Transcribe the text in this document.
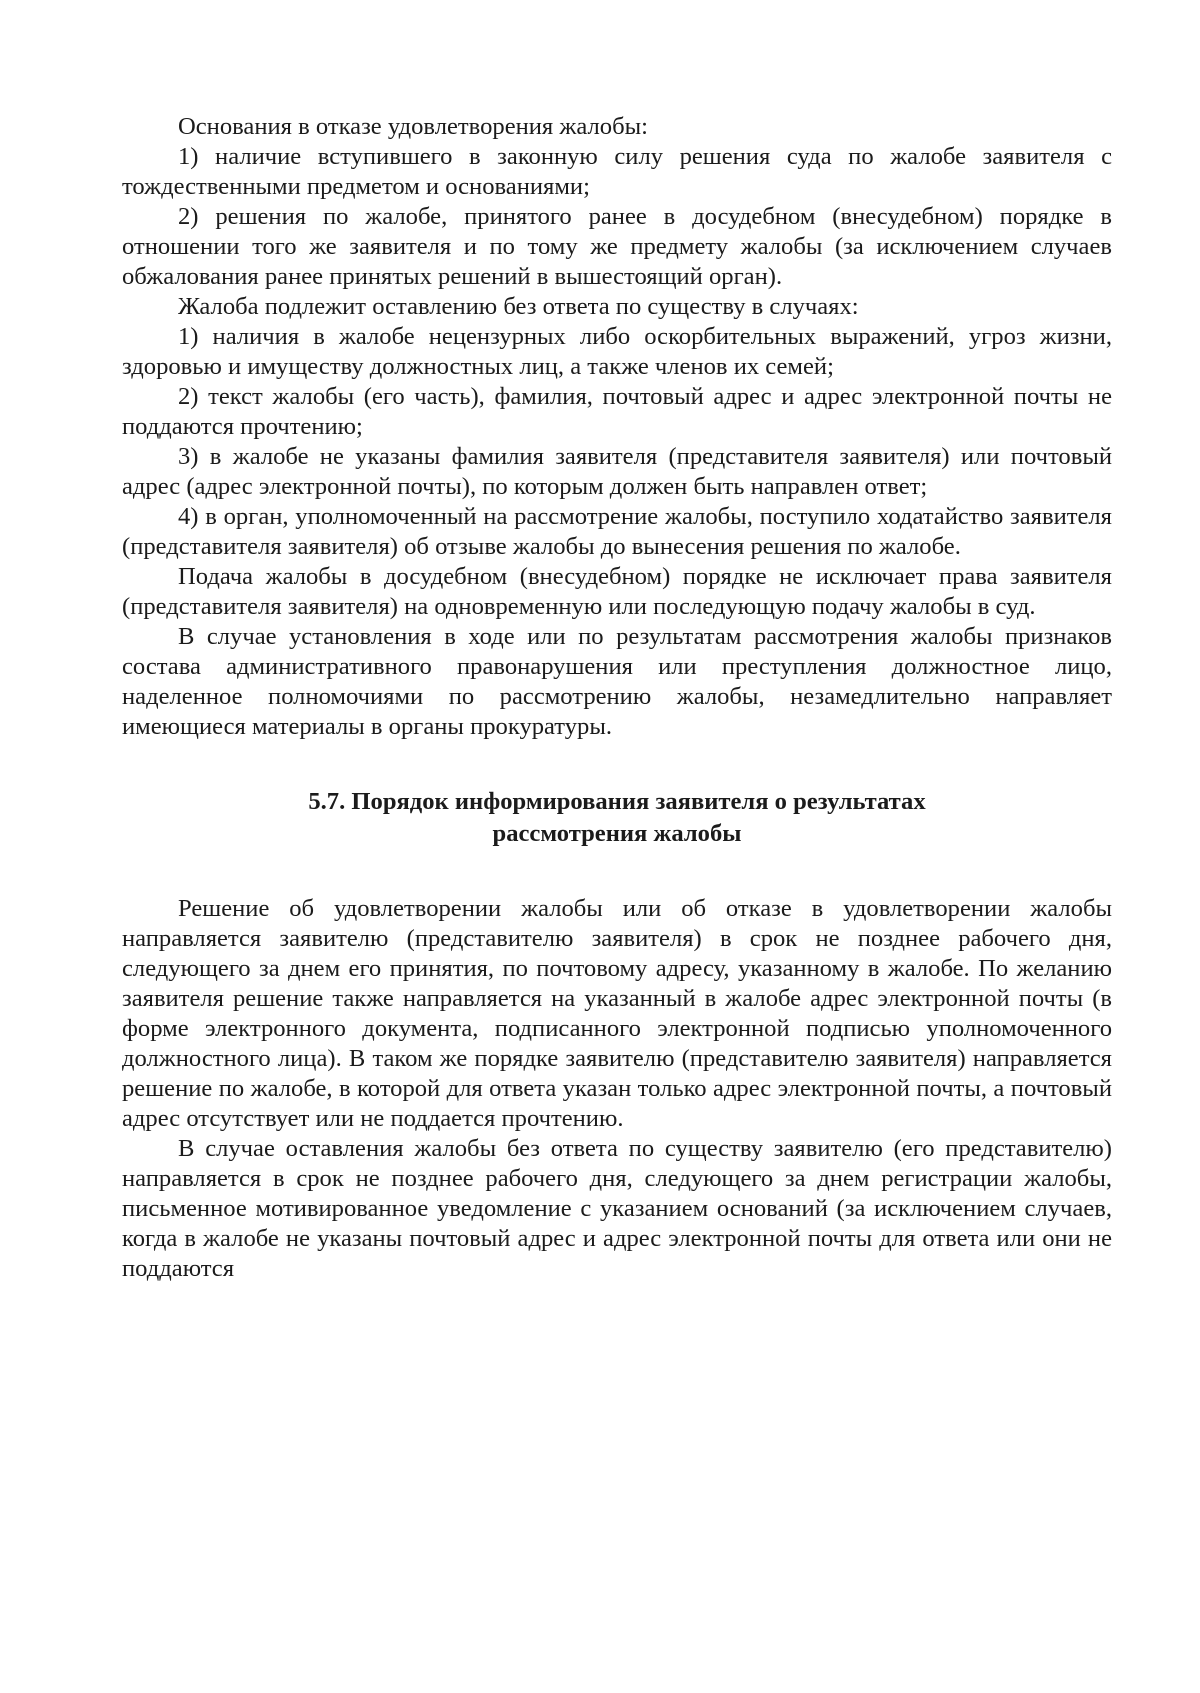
Основания в отказе удовлетворения жалобы:

1) наличие вступившего в законную силу решения суда по жалобе заявителя с тождественными предметом и основаниями;

2) решения по жалобе, принятого ранее в досудебном (внесудебном) порядке в отношении того же заявителя и по тому же предмету жалобы (за исключением случаев обжалования ранее принятых решений в вышестоящий орган).

Жалоба подлежит оставлению без ответа по существу в случаях:

1) наличия в жалобе нецензурных либо оскорбительных выражений, угроз жизни, здоровью и имуществу должностных лиц, а также членов их семей;

2) текст жалобы (его часть), фамилия, почтовый адрес и адрес электронной почты не поддаются прочтению;

3) в жалобе не указаны фамилия заявителя (представителя заявителя) или почтовый адрес (адрес электронной почты), по которым должен быть направлен ответ;

4) в орган, уполномоченный на рассмотрение жалобы, поступило ходатайство заявителя (представителя заявителя) об отзыве жалобы до вынесения решения по жалобе.

Подача жалобы в досудебном (внесудебном) порядке не исключает права заявителя (представителя заявителя) на одновременную или последующую подачу жалобы в суд.

В случае установления в ходе или по результатам рассмотрения жалобы признаков состава административного правонарушения или преступления должностное лицо, наделенное полномочиями по рассмотрению жалобы, незамедлительно направляет имеющиеся материалы в органы прокуратуры.

5.7. Порядок информирования заявителя о результатах
рассмотрения жалобы

Решение об удовлетворении жалобы или об отказе в удовлетворении жалобы направляется заявителю (представителю заявителя) в срок не позднее рабочего дня, следующего за днем его принятия, по почтовому адресу, указанному в жалобе. По желанию заявителя решение также направляется на указанный в жалобе адрес электронной почты (в форме электронного документа, подписанного электронной подписью уполномоченного должностного лица). В таком же порядке заявителю (представителю заявителя) направляется решение по жалобе, в которой для ответа указан только адрес электронной почты, а почтовый адрес отсутствует или не поддается прочтению.

В случае оставления жалобы без ответа по существу заявителю (его представителю) направляется в срок не позднее рабочего дня, следующего за днем регистрации жалобы, письменное мотивированное уведомление с указанием оснований (за исключением случаев, когда в жалобе не указаны почтовый адрес и адрес электронной почты для ответа или они не поддаются
